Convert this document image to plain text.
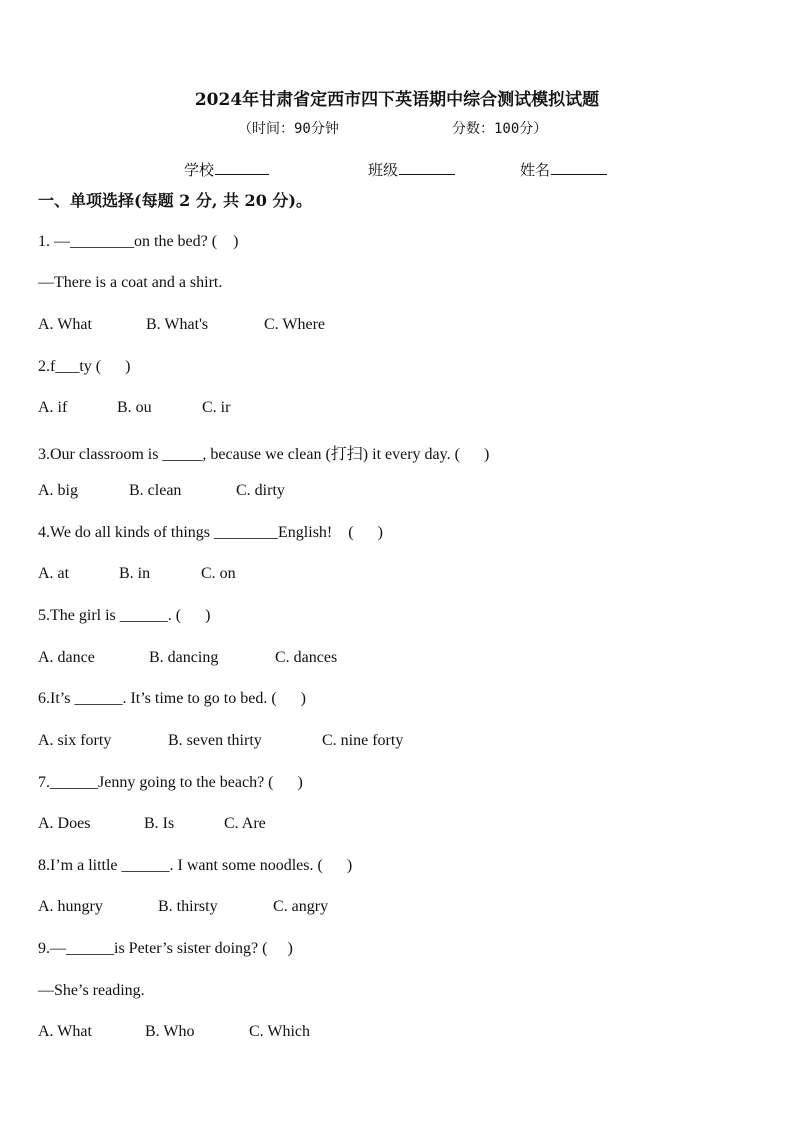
2024年甘肃省定西市四下英语期中综合测试模拟试题
（时间：90分钟	分数：100分）
学校	班级	姓名
一、单项选择(每题 2 分, 共 20 分)。
1. —________on the bed? (    )
—There is a coat and a shirt.
A. What	B. What's	C. Where
2.f___ty (      )
A. if	B. ou	C. ir
3.Our classroom is _____, because we clean (打扫) it every day. (      )
A. big	B. clean	C. dirty
4.We do all kinds of things ________English!    (      )
A. at	B. in	C. on
5.The girl is ______. (      )
A. dance	B. dancing	C. dances
6.It’s ______. It’s time to go to bed. (      )
A. six forty	B. seven thirty	C. nine forty
7.______Jenny going to the beach? (      )
A. Does	B. Is	C. Are
8.I’m a little ______. I want some noodles. (      )
A. hungry	B. thirsty	C. angry
9.—______is Peter’s sister doing? (     )
—She’s reading.
A. What	B. Who	C. Which
